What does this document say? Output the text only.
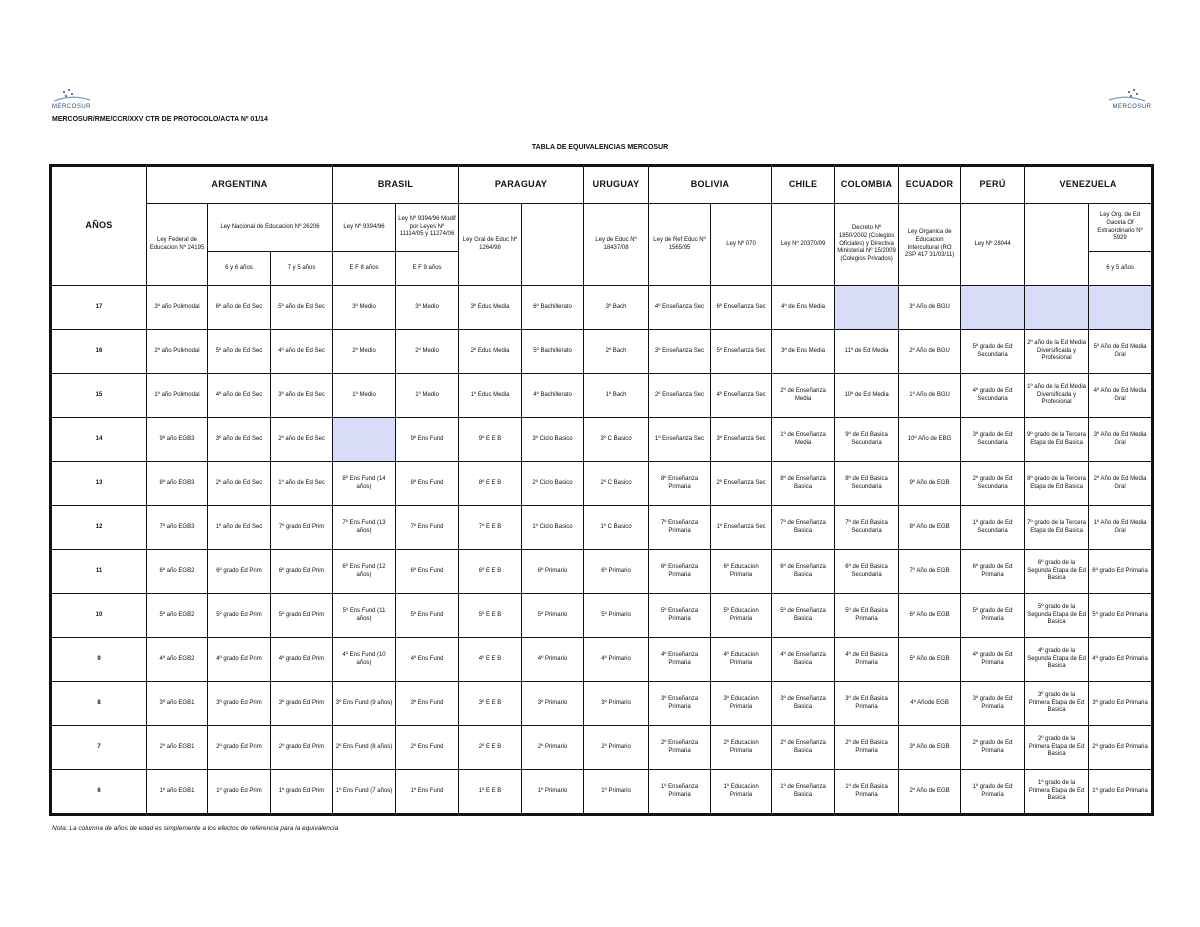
MERCOSUR	MERCOSUR
MERCOSUR/RME/CCR/XXV CTR DE PROTOCOLO/ACTA Nº 01/14
TABLA DE EQUIVALENCIAS MERCOSUR
AÑOS	ARGENTINA			BRASIL		PARAGUAY		URUGUAY	BOLIVIA		CHILE	COLOMBIA	ECUADOR	PERÚ	VENEZUELA	
	Ley Federal de Educacion Nº 24195	Ley Nacional de Educacion Nº 26206		Ley Nº 9394/96	Ley Nº 9394/96 Modif por Leyes Nº 11114/05 y 11274/06	Ley Gral de Educ Nº 1264/98		Ley de Educ Nº 18437/08	Ley de Ref Educ Nº 1565/95	Ley Nº 070	Ley Nº 20370/09	Decreto Nº 1850/2002 (Colegios Oficiales) y Directiva Ministerial Nº 15/2009 (Colegios Privados)	Ley Organica de Educacion Intercultural (RO 2SP 417 31/03/11)	Ley Nº 28044		Ley Org. de Ed Gaceta Of Extraordinario Nº 5929
		6 y 6 años	7 y 5 años	E F 8 años	E F 9 años											6 y 5 años
17	3º año Polimodal	6º año de Ed Sec	5º año de Ed Sec	3º Medio	3º Medio	3º Educ Media	6º Bachillerato	3º Bach	4º Enseñanza Sec	6º Enseñanza Sec	4º de Ens Media		3º Año de BGU			
16	2º año Polimodal	5º año de Ed Sec	4º año de Ed Sec	2º Medio	2º Medio	2º Educ Media	5º Bachillerato	2º Bach	3º Enseñanza Sec	5º Enseñanza Sec	3º de Ens Media	11º de Ed Media	2º Año de BGU	5º grado de Ed Secundaria	2º año de la Ed Media Diversificada y Profesional	5º Año de Ed Media Gral
15	1º año Polimodal	4º año de Ed Sec	3º año de Ed Sec	1º Medio	1º Medio	1º Educ Media	4º Bachillerato	1º Bach	2º Enseñanza Sec	4º Enseñanza Sec	2º de Enseñanza Media	10º de Ed Media	1º Año de BGU	4º grado de Ed Secundaria	1º año de la Ed Media Diversificada y Profesional	4º Año de Ed Media Gral
14	9º año EGB3	3º año de Ed Sec	2º año de Ed Sec		9º Ens Fund	9º E E B	3º Ciclo Basico	3º C Basico	1º Enseñanza Sec	3º Enseñanza Sec	1º de Enseñanza Media	9º de Ed Basica Secundaria	10º Año de EBG	3º grado de Ed Secundaria	9º grado de la Tercera Etapa de Ed Basica	3º Año de Ed Media Gral
13	8º año EGB3	2º año de Ed Sec	1º año de Ed Sec	8º Ens Fund (14 años)	8º Ens Fund	8º E E B	2º Ciclo Basico	2º C Basico	8º Enseñanza Primaria	2º Enseñanza Sec	8º de Enseñanza Basica	8º de Ed Basica Secundaria	9º Año de EGB	2º grado de Ed Secundaria	8º grado de la Tercera Etapa de Ed Basica	2º Año de Ed Media Gral
12	7º año EGB3	1º año de Ed Sec	7º grado Ed Prim	7º Ens Fund (13 años)	7º Ens Fund	7º E E B	1º Ciclo Basico	1º C Basico	7º Enseñanza Primaria	1º Enseñanza Sec	7º de Enseñanza Basica	7º de Ed Basica Secundaria	8º Año de EGB	1º grado de Ed Secundaria	7º grado de la Tercera Etapa de Ed Basica	1º Año de Ed Media Gral
11	6º año EGB2	6º grado Ed Prim	6º grado Ed Prim	6º Ens Fund (12 años)	6º Ens Fund	6º E E B	6º Primario	6º Primario	6º Enseñanza Primaria	6º Educacion Primaria	6º de Enseñanza Basica	6º de Ed Basica Secundaria	7º Año de EGB	6º grado de Ed Primaria	6º grado de la Segunda Etapa de Ed Basica	6º grado Ed Primaria
10	5º año EGB2	5º grado Ed Prim	5º grado Ed Prim	5º Ens Fund (11 años)	5º Ens Fund	5º E E B	5º Primario	5º Primario	5º Enseñanza Primaria	5º Educacion Primaria	5º de Enseñanza Basica	5º de Ed Basica Primaria	6º Año de EGB	5º grado de Ed Primaria	5º grado de la Segunda Etapa de Ed Basica	5º grado Ed Primaria
9	4º año EGB2	4º grado Ed Prim	4º grado Ed Prim	4º Ens Fund (10 años)	4º Ens Fund	4º E E B	4º Primario	4º Primario	4º Enseñanza Primaria	4º Educacion Primaria	4º de Enseñanza Basica	4º de Ed Basica Primaria	5º Año de EGB	4º grado de Ed Primaria	4º grado de la Segunda Etapa de Ed Basica	4º grado Ed Primaria
8	3º año EGB1	3º grado Ed Prim	3º grado Ed Prim	3º Ens Fund (9 años)	3º Ens Fund	3º E E B	3º Primario	3º Primario	3º Enseñanza Primaria	3º Educacion Primaria	3º de Enseñanza Basica	3º de Ed Basica Primaria	4º Añode EGB	3º grado de Ed Primaria	3º grado de la Primera Etapa de Ed Basica	3º grado Ed Primaria
7	2º año EGB1	2º grado Ed Prim	2º grado Ed Prim	2º Ens Fund (8 años)	2º Ens Fund	2º E E B	2º Primario	2º Primario	2º Enseñanza Primaria	2º Educacion Primaria	2º de Enseñanza Basica	2º de Ed Basica Primaria	3º Año de EGB	2º grado de Ed Primaria	2º grado de la Primera Etapa de Ed Basica	2º grado Ed Primaria
6	1º año EGB1	1º grado Ed Prim	1º grado Ed Prim	1º Ens Fund (7 años)	1º Ens Fund	1º E E B	1º Primario	1º Primario	1º Enseñanza Primaria	1º Educacion Primaria	1º de Enseñanza Basica	1º de Ed Basica Primaria	2º Año de EGB	1º grado de Ed Primaria	1º grado de la Primera Etapa de Ed Basica	1º grado Ed Primaria
Nota: La columna de años de edad es simplemente a los efectos de referencia para la equivalencia
